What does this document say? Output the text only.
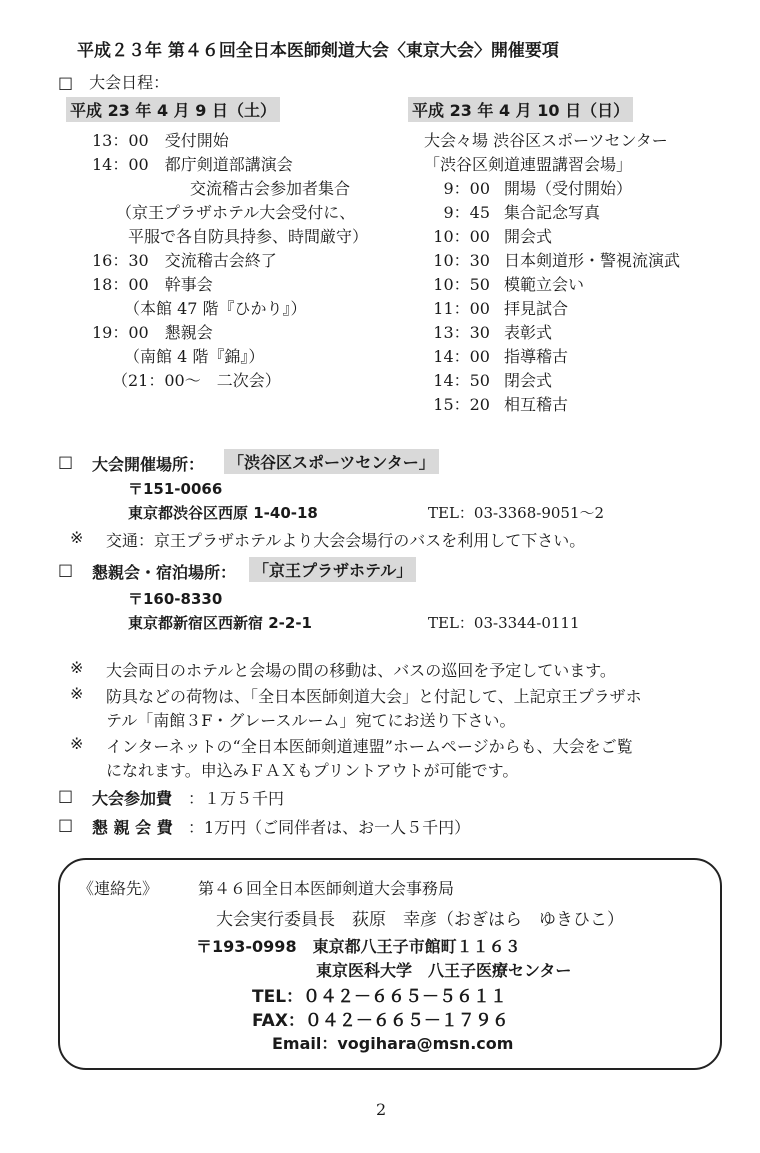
平成２３年 第４６回全日本医師剣道大会〈東京大会〉開催要項
□　大会日程：
平成 23 年 4 月 9 日（土）
13：00　受付開始
14：00　都庁剣道部講演会
交流稽古会参加者集合
（京王プラザホテル大会受付に、
平服で各自防具持参、時間厳守）
16：30　交流稽古会終了
18：00　幹事会
（本館 47 階『ひかり』）
19：00　懇親会
（南館 4 階『錦』）
（21：00～　二次会）
平成 23 年 4 月 10 日（日）
大会々場 渋谷区スポーツセンター
「渋谷区剣道連盟講習会場」
9：00 開場（受付開始）
9：45 集合記念写真
10：00 開会式
10：30 日本剣道形・警視流演武
10：50 模範立会い
11：00 拝見試合
13：30 表彰式
14：00 指導稽古
14：50 閉会式
15：20 相互稽古
□ 大会開催場所： 「渋谷区スポーツセンター」
〒151-0066
東京都渋谷区西原 1-40-18	TEL：03-3368-9051～2
※ 交通：京王プラザホテルより大会会場行のバスを利用して下さい。
□ 懇親会・宿泊場所： 「京王プラザホテル」
〒160-8330
東京都新宿区西新宿 2-2-1	TEL：03-3344-0111
※ 大会両日のホテルと会場の間の移動は、バスの巡回を予定しています。
※ 防具などの荷物は、「全日本医師剣道大会」と付記して、上記京王プラザホ
テル「南館３F・グレースルーム」宛てにお送り下さい。
※ インターネットの“全日本医師剣道連盟”ホームページからも、大会をご覧
になれます。申込みＦＡＸもプリントアウトが可能です。
□ 大会参加費 ：１万５千円
□ 懇 親 会 費 ：1万円（ご同伴者は、お一人５千円）
《連絡先》 第４６回全日本医師剣道大会事務局
大会実行委員長　荻原　幸彦（おぎはら　ゆきひこ）
〒193-0998　東京都八王子市館町１１６３
東京医科大学　八王子医療センター
TEL：０４２－６６５－５６１１
FAX：０４２－６６５－１７９６
Email：vogihara@msn.com
2
